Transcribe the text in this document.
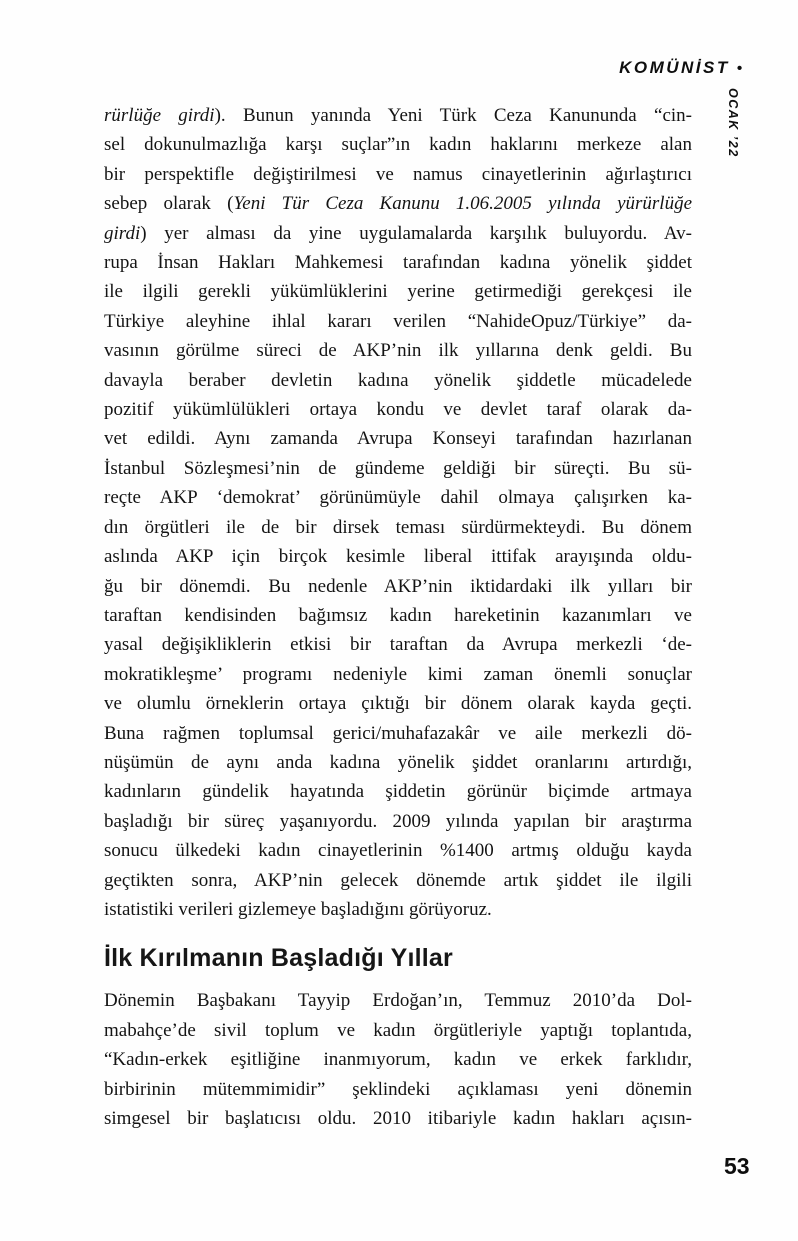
KOMÜNİST •
OCAK ’22
rürlüğe girdi). Bunun yanında Yeni Türk Ceza Kanununda “cin-
sel dokunulmazlığa karşı suçlar”ın kadın haklarını merkeze alan
bir perspektifle değiştirilmesi ve namus cinayetlerinin ağırlaştırıcı
sebep olarak (Yeni Tür Ceza Kanunu 1.06.2005 yılında yürürlüğe
girdi) yer alması da yine uygulamalarda karşılık buluyordu. Av-
rupa İnsan Hakları Mahkemesi tarafından kadına yönelik şiddet
ile ilgili gerekli yükümlüklerini yerine getirmediği gerekçesi ile
Türkiye aleyhine ihlal kararı verilen “NahideOpuz/Türkiye” da-
vasının görülme süreci de AKP’nin ilk yıllarına denk geldi. Bu
davayla beraber devletin kadına yönelik şiddetle mücadelede
pozitif yükümlülükleri ortaya kondu ve devlet taraf olarak da-
vet edildi. Aynı zamanda Avrupa Konseyi tarafından hazırlanan
İstanbul Sözleşmesi’nin de gündeme geldiği bir süreçti. Bu sü-
reçte AKP ‘demokrat’ görünümüyle dahil olmaya çalışırken ka-
dın örgütleri ile de bir dirsek teması sürdürmekteydi. Bu dönem
aslında AKP için birçok kesimle liberal ittifak arayışında oldu-
ğu bir dönemdi. Bu nedenle AKP’nin iktidardaki ilk yılları bir
taraftan kendisinden bağımsız kadın hareketinin kazanımları ve
yasal değişikliklerin etkisi bir taraftan da Avrupa merkezli ‘de-
mokratikleşme’ programı nedeniyle kimi zaman önemli sonuçlar
ve olumlu örneklerin ortaya çıktığı bir dönem olarak kayda geçti.
Buna rağmen toplumsal gerici/muhafazakâr ve aile merkezli dö-
nüşümün de aynı anda kadına yönelik şiddet oranlarını artırdığı,
kadınların gündelik hayatında şiddetin görünür biçimde artmaya
başladığı bir süreç yaşanıyordu. 2009 yılında yapılan bir araştırma
sonucu ülkedeki kadın cinayetlerinin %1400 artmış olduğu kayda
geçtikten sonra, AKP’nin gelecek dönemde artık şiddet ile ilgili
istatistiki verileri gizlemeye başladığını görüyoruz.
İlk Kırılmanın Başladığı Yıllar
Dönemin Başbakanı Tayyip Erdoğan’ın, Temmuz 2010’da Dol-
mabahçe’de sivil toplum ve kadın örgütleriyle yaptığı toplantıda,
“Kadın-erkek eşitliğine inanmıyorum, kadın ve erkek farklıdır,
birbirinin mütemmimidir” şeklindeki açıklaması yeni dönemin
simgesel bir başlatıcısı oldu. 2010 itibariyle kadın hakları açısın-
53
